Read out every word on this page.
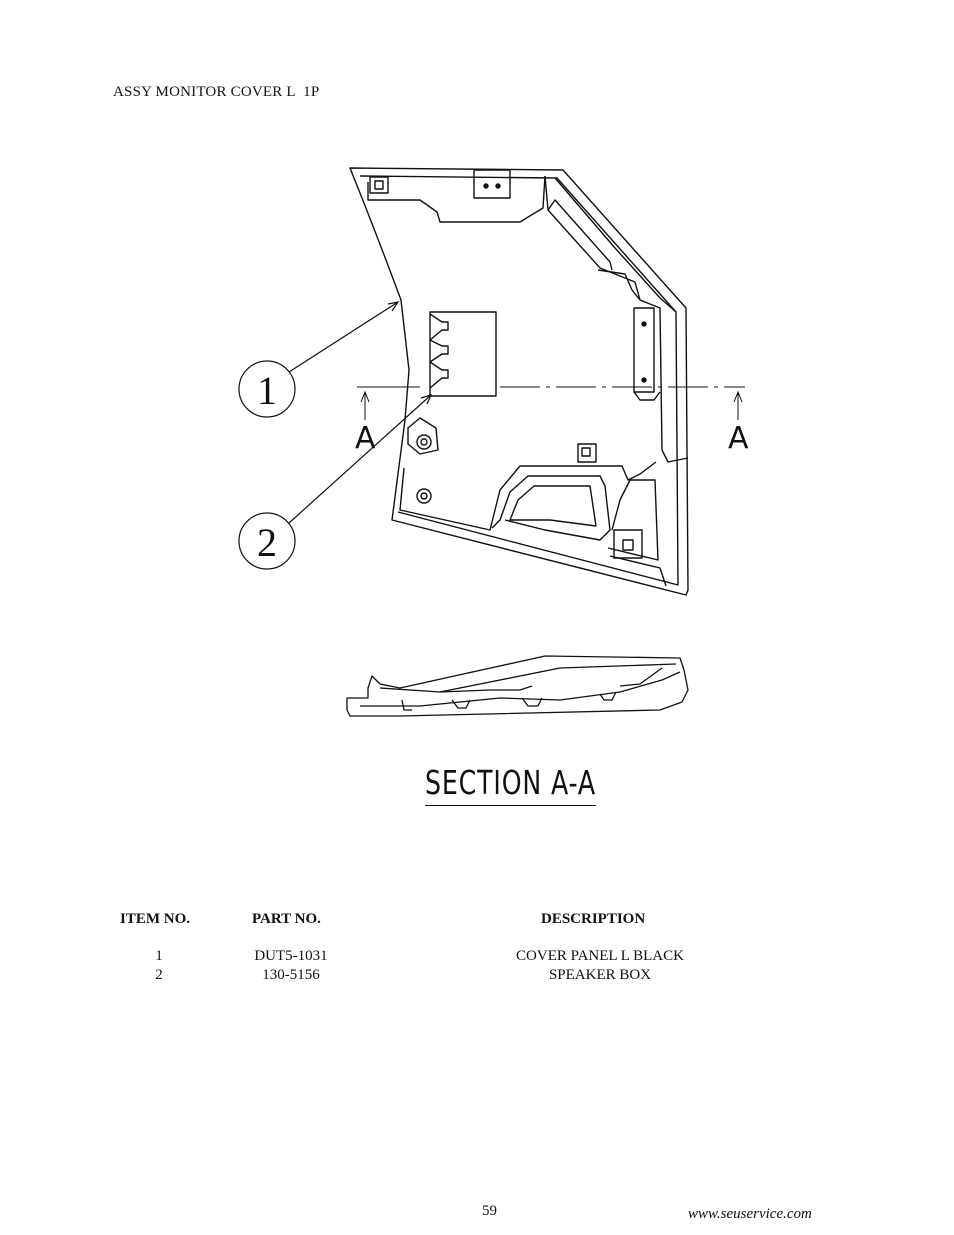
ASSY MONITOR COVER L  1P
A	A
1
2
SECTION A-A
ITEM NO.	PART NO.	DESCRIPTION
1	DUT5-1031	COVER PANEL L BLACK
2	130-5156	SPEAKER BOX
59	www.seuservice.com
